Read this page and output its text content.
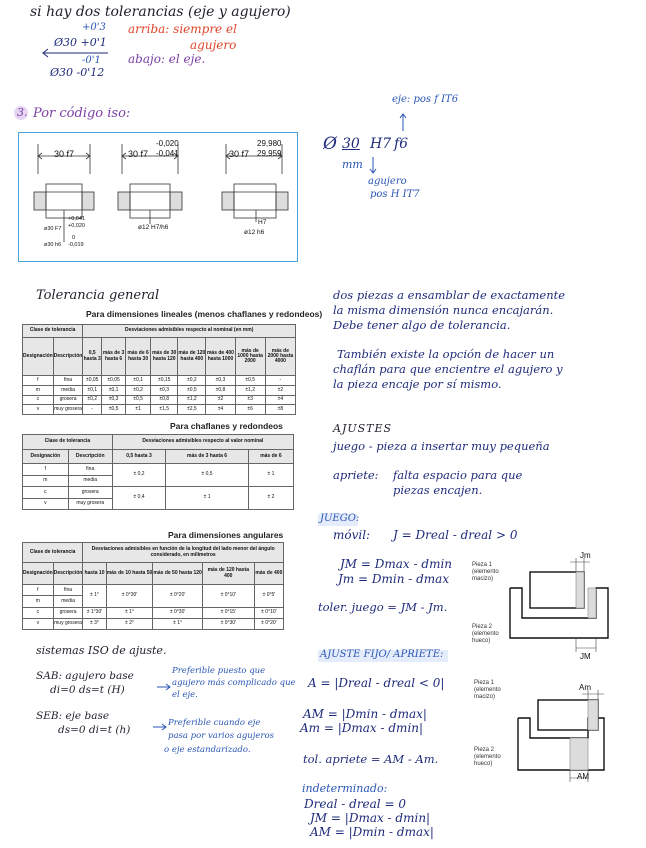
si hay dos tolerancias (eje y agujero)
+0'3
Ø30 +0'1
-0'1
Ø30 -0'12
arriba: siempre el
agujero
abajo: el eje.
3. Por código iso:
30 f7	30 f7
-0,020
-0,041	30 f7
29,980
29,959
+0,041
+0,020
ø30 F7
0
ø30 h6 -0,019
ø12 H7/h6
H7
ø12 h6
eje: pos f IT6
Ø 30 H7 f6
mm
agujero
pos H IT7
Tolerancia general
Para dimensiones lineales (menos chaflanes y redondeos)
Clase de tolerancia		Desviaciones admisibles respecto al nominal (en mm)							
Designación	Descripción	0,5 hasta 3	más de 3 hasta 6	más de 6 hasta 30	más de 30 hasta 120	más de 120 hasta 400	más de 400 hasta 1000	más de 1000 hasta 2000	más de 2000 hasta 4000
f	fina	±0,05	±0,05	±0,1	±0,15	±0,2	±0,3	±0,5	-
m	media	±0,1	±0,1	±0,2	±0,3	±0,5	±0,8	±1,2	±2
c	grosera	±0,2	±0,3	±0,5	±0,8	±1,2	±2	±3	±4
v	muy grosera	-	±0,5	±1	±1,5	±2,5	±4	±6	±8
Para chaflanes y redondeos
Clase de tolerancia		Desviaciones admisibles respecto al valor nominal		
Designación	Descripción	0,5 hasta 3	más de 3 hasta 6	más de 6
f	fina	± 0,2	± 0,5	± 1
m	media			
c	grosera	± 0,4	± 1	± 2
v	muy grosera			
Para dimensiones angulares
Clase de tolerancia		Desviaciones admisibles en función de la longitud del lado menor del ángulo considerado, en milímetros				
Designación	Descripción	hasta 10	más de 10 hasta 50	más de 50 hasta 120	más de 120 hasta 400	más de 400
f	fina	± 1°	± 0°30'	± 0°20'	± 0°10'	± 0°5'
m	media					
c	grosera	± 1°30'	± 1°	± 0°30'	± 0°15'	± 0°10'
v	muy grosera	± 3°	± 2°	± 1°	± 0°30'	± 0°20'
dos piezas a ensamblar de exactamente
la misma dimensión nunca encajarán.
Debe tener algo de tolerancia.
También existe la opción de hacer un
chaflán para que encientre el agujero y
la pieza encaje por sí mismo.
AJUSTES
juego - pieza a insertar muy pequeña
apriete: falta espacio para que
piezas encajen.
JUEGO:
móvil: J = Dreal - dreal > 0
JM = Dmax - dmin
Jm = Dmin - dmax
toler. juego = JM - Jm.
AJUSTE FIJO/ APRIETE:
A = |Dreal - dreal < 0|
AM = |Dmin - dmax|
Am = |Dmax - dmin|
tol. apriete = AM - Am.
indeterminado:
Dreal - dreal = 0
JM = |Dmax - dmin|
AM = |Dmin - dmax|
Jm
Pieza 1
(elemento
macizo)
Pieza 2
(elemento
hueco)
JM
Am
Pieza 1
(elemento
macizo)
Pieza 2
(elemento
hueco)
AM
sistemas ISO de ajuste.
SAB: agujero base
di=0 ds=t (H)
Preferible puesto que
agujero más complicado que
el eje.
SEB: eje base
ds=0 di=t (h)
Preferible cuando eje
pasa por varios agujeros
o eje estandarizado.
